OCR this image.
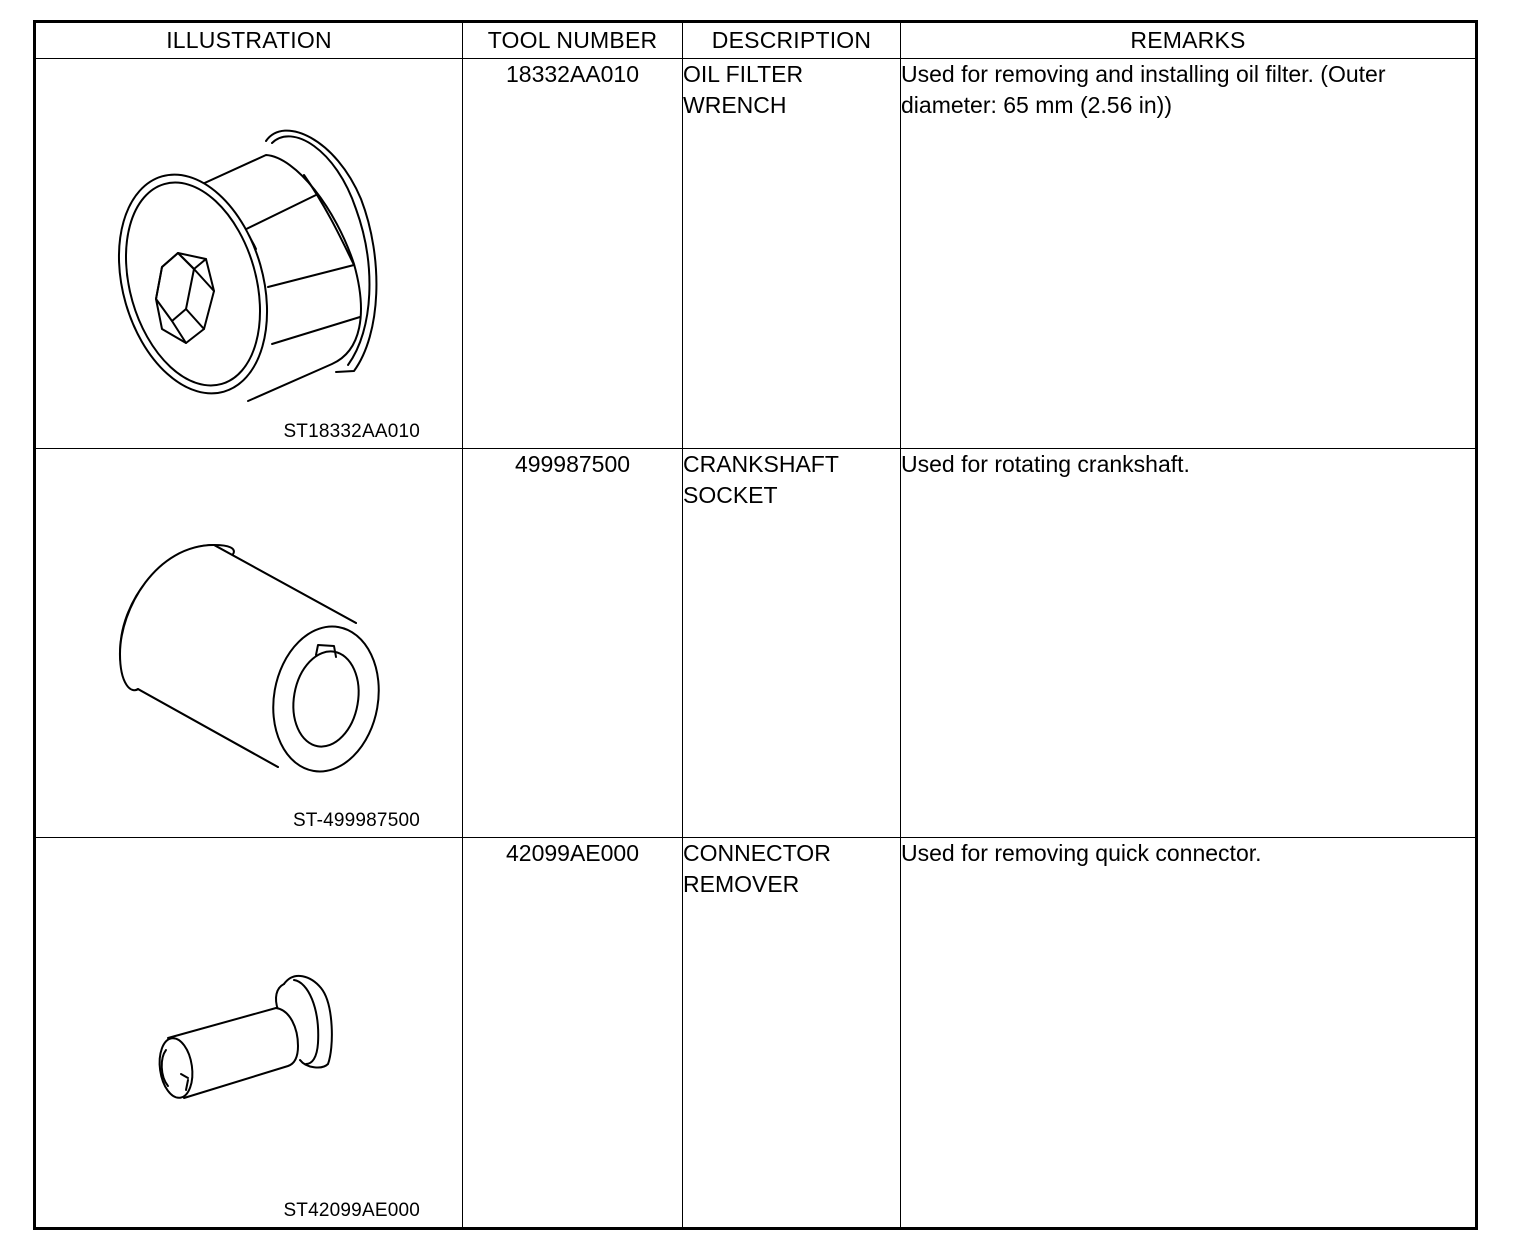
ILLUSTRATION	TOOL NUMBER	DESCRIPTION	REMARKS

ST18332AA010	18332AA010	OIL FILTER WRENCH	Used for removing and installing oil filter. (Outer diameter: 65 mm (2.56 in))

ST-499987500	499987500	CRANKSHAFT SOCKET	Used for rotating crankshaft.

ST42099AE000	42099AE000	CONNECTOR REMOVER	Used for removing quick connector.
